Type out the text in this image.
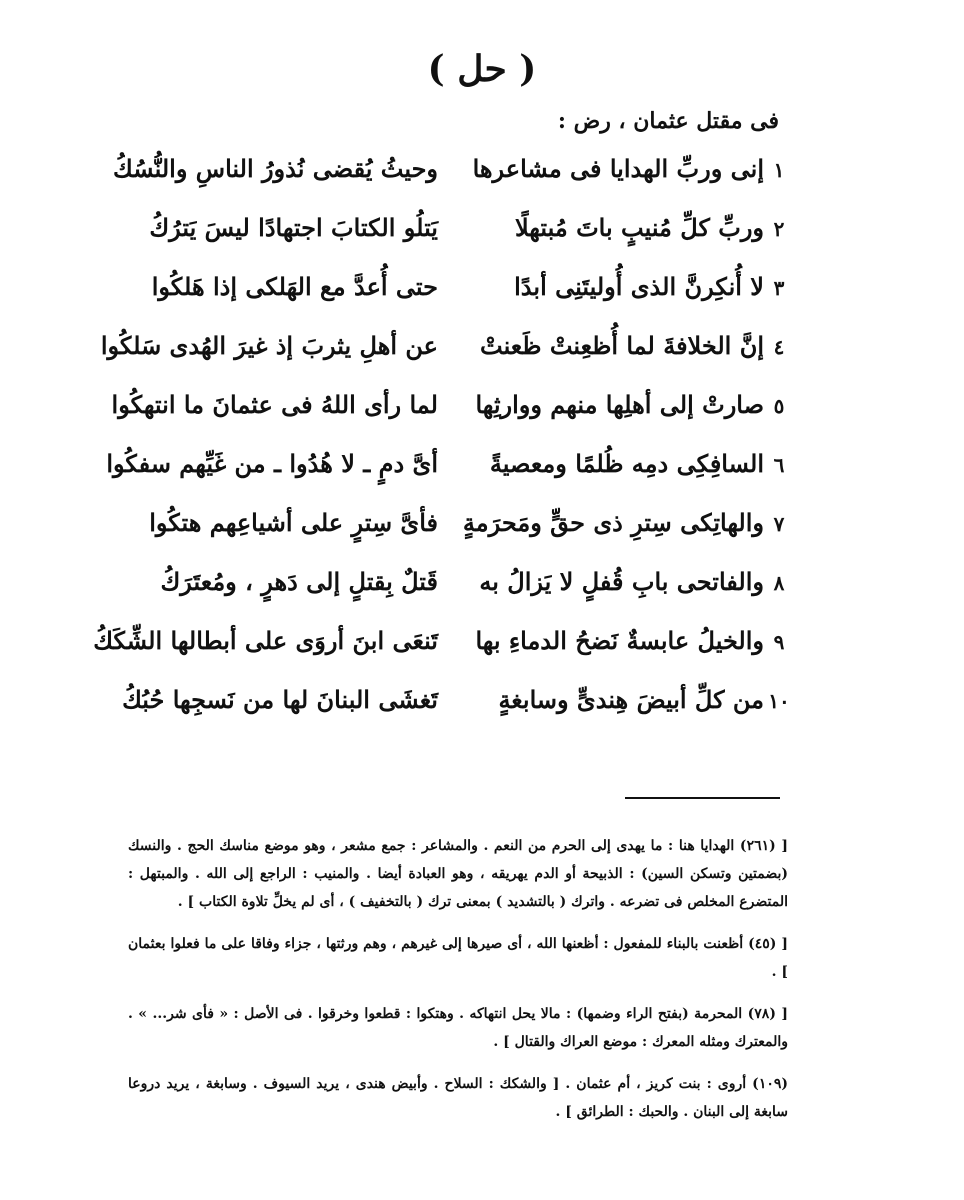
( حل )
فى مقتل عثمان ، رض :
١
إنى وربِّ الهدايا فى مشاعرها
وحيثُ يُقضى نُذورُ الناسِ والنُّسُكُ
٢
وربِّ كلِّ مُنيبٍ باتَ مُبتهلًا
يَتلُو الكتابَ اجتهادًا ليسَ يَترُكُ
٣
لا أُنكِرنَّ الذى أُوليتَنِى أبدًا
حتى أُعدَّ مع الهَلكى إذا هَلكُوا
٤
إنَّ الخلافةَ لما أُظعِنتْ ظَعنتْ
عن أهلِ يثربَ إذ غيرَ الهُدى سَلكُوا
٥
صارتْ إلى أهلِها منهم ووارثِها
لما رأى اللهُ فى عثمانَ ما انتهكُوا
٦
السافِكِى دمِه ظُلمًا ومعصيةً
أىَّ دمٍ ـ لا هُدُوا ـ من غَيِّهم سفكُوا
٧
والهاتِكى سِترِ ذى حقٍّ ومَحرَمةٍ
فأىَّ سِترٍ على أشياعِهم هتكُوا
٨
والفاتحى بابِ قُفلٍ لا يَزالُ به
قَتلٌ بِقتلٍ إلى دَهرٍ ، ومُعتَرَكُ
٩
والخيلُ عابسةٌ نَضحُ الدماءِ بها
تَنعَى ابنَ أروَى على أبطالها الشِّكَكُ
١٠
من كلِّ أبيضَ هِندىٍّ وسابغةٍ
تَغشَى البنانَ لها من نَسجِها حُبُكُ

[ (٢٦١) الهدايا هنا : ما يهدى إلى الحرم من النعم . والمشاعر : جمع مشعر ، وهو موضع مناسك الحج . والنسك (بضمتين وتسكن السين) : الذبيحة أو الدم يهريقه ، وهو العبادة أيضا . والمنيب : الراجع إلى الله . والمبتهل : المتضرع المخلص فى تضرعه . واترك ( بالتشديد ) بمعنى ترك ( بالتخفيف ) ، أى لم يخلِّ تلاوة الكتاب ] .

[ (٤٥) أظعنت بالبناء للمفعول : أظعنها الله ، أى صيرها إلى غيرهم ، وهم ورثتها ، جزاء وفاقا على ما فعلوا بعثمان ] .

[ (٧٨) المحرمة (بفتح الراء وضمها) : مالا يحل انتهاكه . وهتكوا : قطعوا وخرقوا . فى الأصل : « فأى شر... » . والمعترك ومثله المعرك : موضع العراك والقتال ] .

(١٠٩) أروى : بنت كريز ، أم عثمان . [ والشكك : السلاح . وأبيض هندى ، يريد السيوف . وسابغة ، يريد دروعا سابغة إلى البنان . والحبك : الطرائق ] .
